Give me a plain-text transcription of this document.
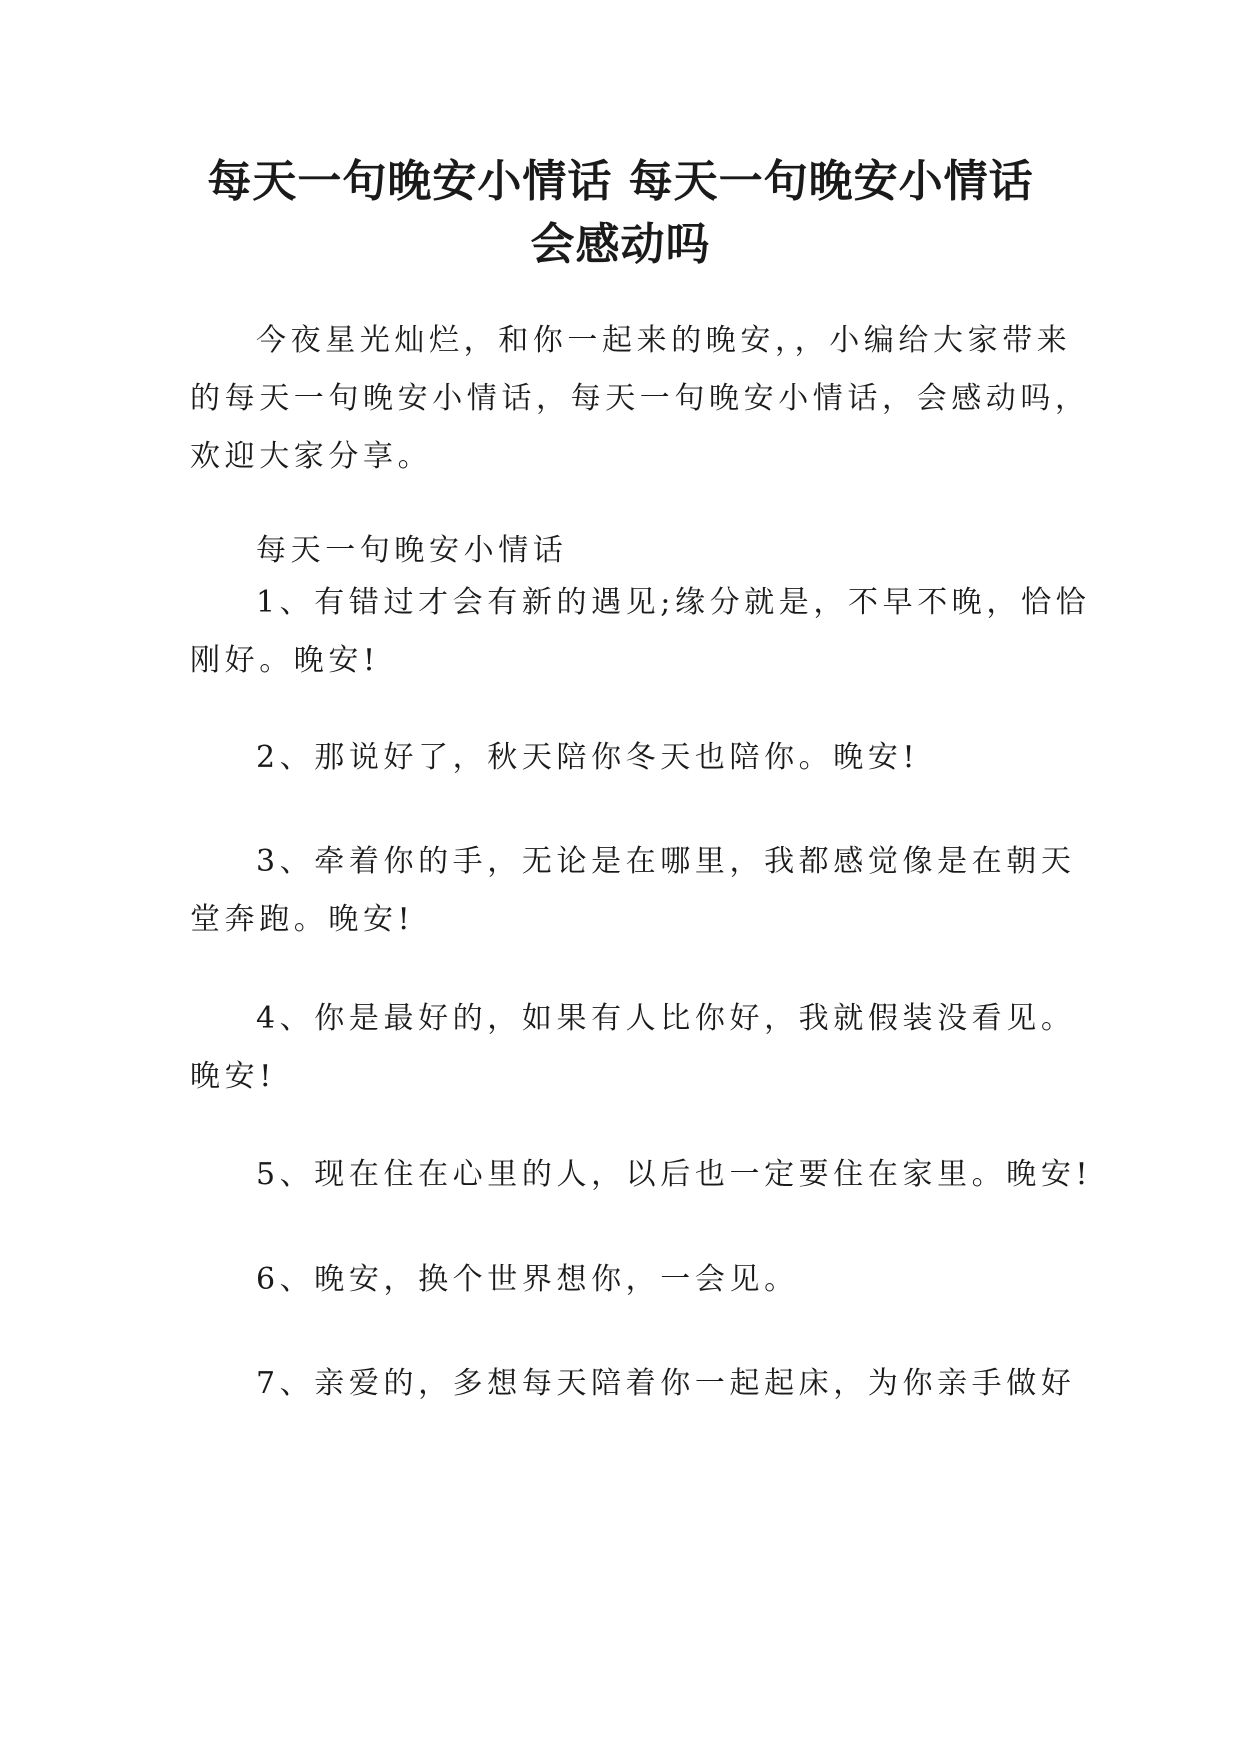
每天一句晚安小情话 每天一句晚安小情话
会感动吗
今夜星光灿烂，和你一起来的晚安，，小编给大家带来
的每天一句晚安小情话，每天一句晚安小情话，会感动吗，
欢迎大家分享。
每天一句晚安小情话
1、有错过才会有新的遇见;缘分就是，不早不晚，恰恰
刚好。晚安!
2、那说好了，秋天陪你冬天也陪你。晚安!
3、牵着你的手，无论是在哪里，我都感觉像是在朝天
堂奔跑。晚安!
4、你是最好的，如果有人比你好，我就假装没看见。
晚安!
5、现在住在心里的人，以后也一定要住在家里。晚安!
6、晚安，换个世界想你，一会见。
7、亲爱的，多想每天陪着你一起起床，为你亲手做好
